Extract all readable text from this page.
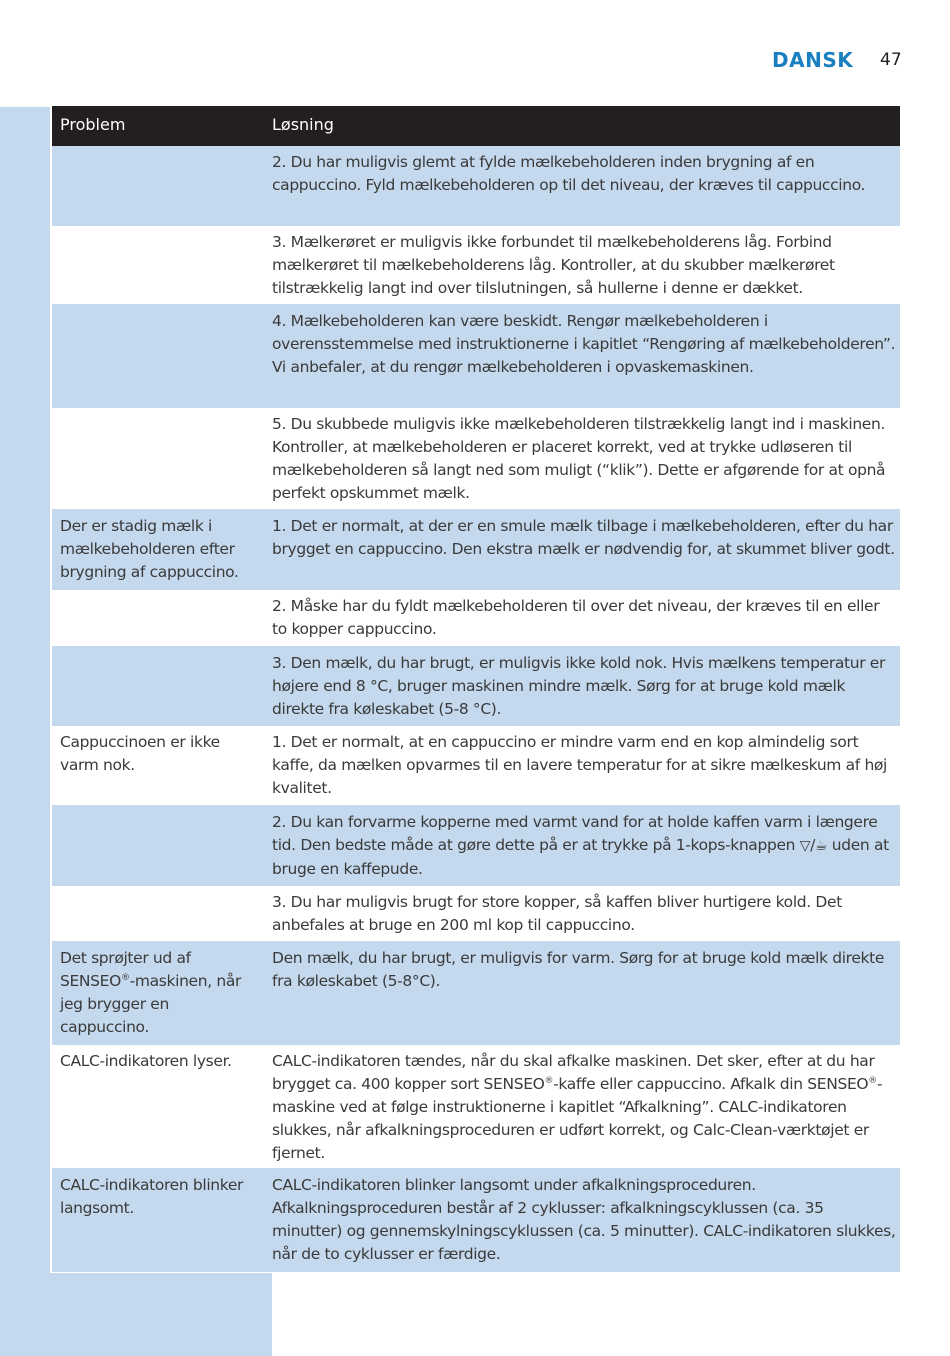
DANSK 47
Problem	Løsning
2. Du har muligvis glemt at fylde mælkebeholderen inden brygning af en cappuccino. Fyld mælkebeholderen op til det niveau, der kræves til cappuccino.
3. Mælkerøret er muligvis ikke forbundet til mælkebeholderens låg. Forbind mælkerøret til mælkebeholderens låg. Kontroller, at du skubber mælkerøret tilstrækkelig langt ind over tilslutningen, så hullerne i denne er dækket.
4. Mælkebeholderen kan være beskidt. Rengør mælkebeholderen i overensstemmelse med instruktionerne i kapitlet “Rengøring af mælkebeholderen”. Vi anbefaler, at du rengør mælkebeholderen i opvaskemaskinen.
5. Du skubbede muligvis ikke mælkebeholderen tilstrækkelig langt ind i maskinen. Kontroller, at mælkebeholderen er placeret korrekt, ved at trykke udløseren til mælkebeholderen så langt ned som muligt (“klik”). Dette er afgørende for at opnå perfekt opskummet mælk.
Der er stadig mælk i mælkebeholderen efter brygning af cappuccino.
1. Det er normalt, at der er en smule mælk tilbage i mælkebeholderen, efter du har brygget en cappuccino. Den ekstra mælk er nødvendig for, at skummet bliver godt.
2. Måske har du fyldt mælkebeholderen til over det niveau, der kræves til en eller to kopper cappuccino.
3. Den mælk, du har brugt, er muligvis ikke kold nok. Hvis mælkens temperatur er højere end 8 °C, bruger maskinen mindre mælk. Sørg for at bruge kold mælk direkte fra køleskabet (5-8 °C).
Cappuccinoen er ikke varm nok.
1. Det er normalt, at en cappuccino er mindre varm end en kop almindelig sort kaffe, da mælken opvarmes til en lavere temperatur for at sikre mælkeskum af høj kvalitet.
2. Du kan forvarme kopperne med varmt vand for at holde kaffen varm i længere tid. Den bedste måde at gøre dette på er at trykke på 1-kops-knappen ▽/☕ uden at bruge en kaffepude.
3. Du har muligvis brugt for store kopper, så kaffen bliver hurtigere kold. Det anbefales at bruge en 200 ml kop til cappuccino.
Det sprøjter ud af SENSEO®-maskinen, når jeg brygger en cappuccino.
Den mælk, du har brugt, er muligvis for varm. Sørg for at bruge kold mælk direkte fra køleskabet (5-8°C).
CALC-indikatoren lyser.	CALC-indikatoren tændes, når du skal afkalke maskinen. Det sker, efter at du har brygget ca. 400 kopper sort SENSEO®-kaffe eller cappuccino. Afkalk din SENSEO®-maskine ved at følge instruktionerne i kapitlet “Afkalkning”. CALC-indikatoren slukkes, når afkalkningsproceduren er udført korrekt, og Calc-Clean-værktøjet er fjernet.
CALC-indikatoren blinker langsomt.
CALC-indikatoren blinker langsomt under afkalkningsproceduren. Afkalkningsproceduren består af 2 cyklusser: afkalkningscyklussen (ca. 35 minutter) og gennemskylningscyklussen (ca. 5 minutter). CALC-indikatoren slukkes, når de to cyklusser er færdige.
